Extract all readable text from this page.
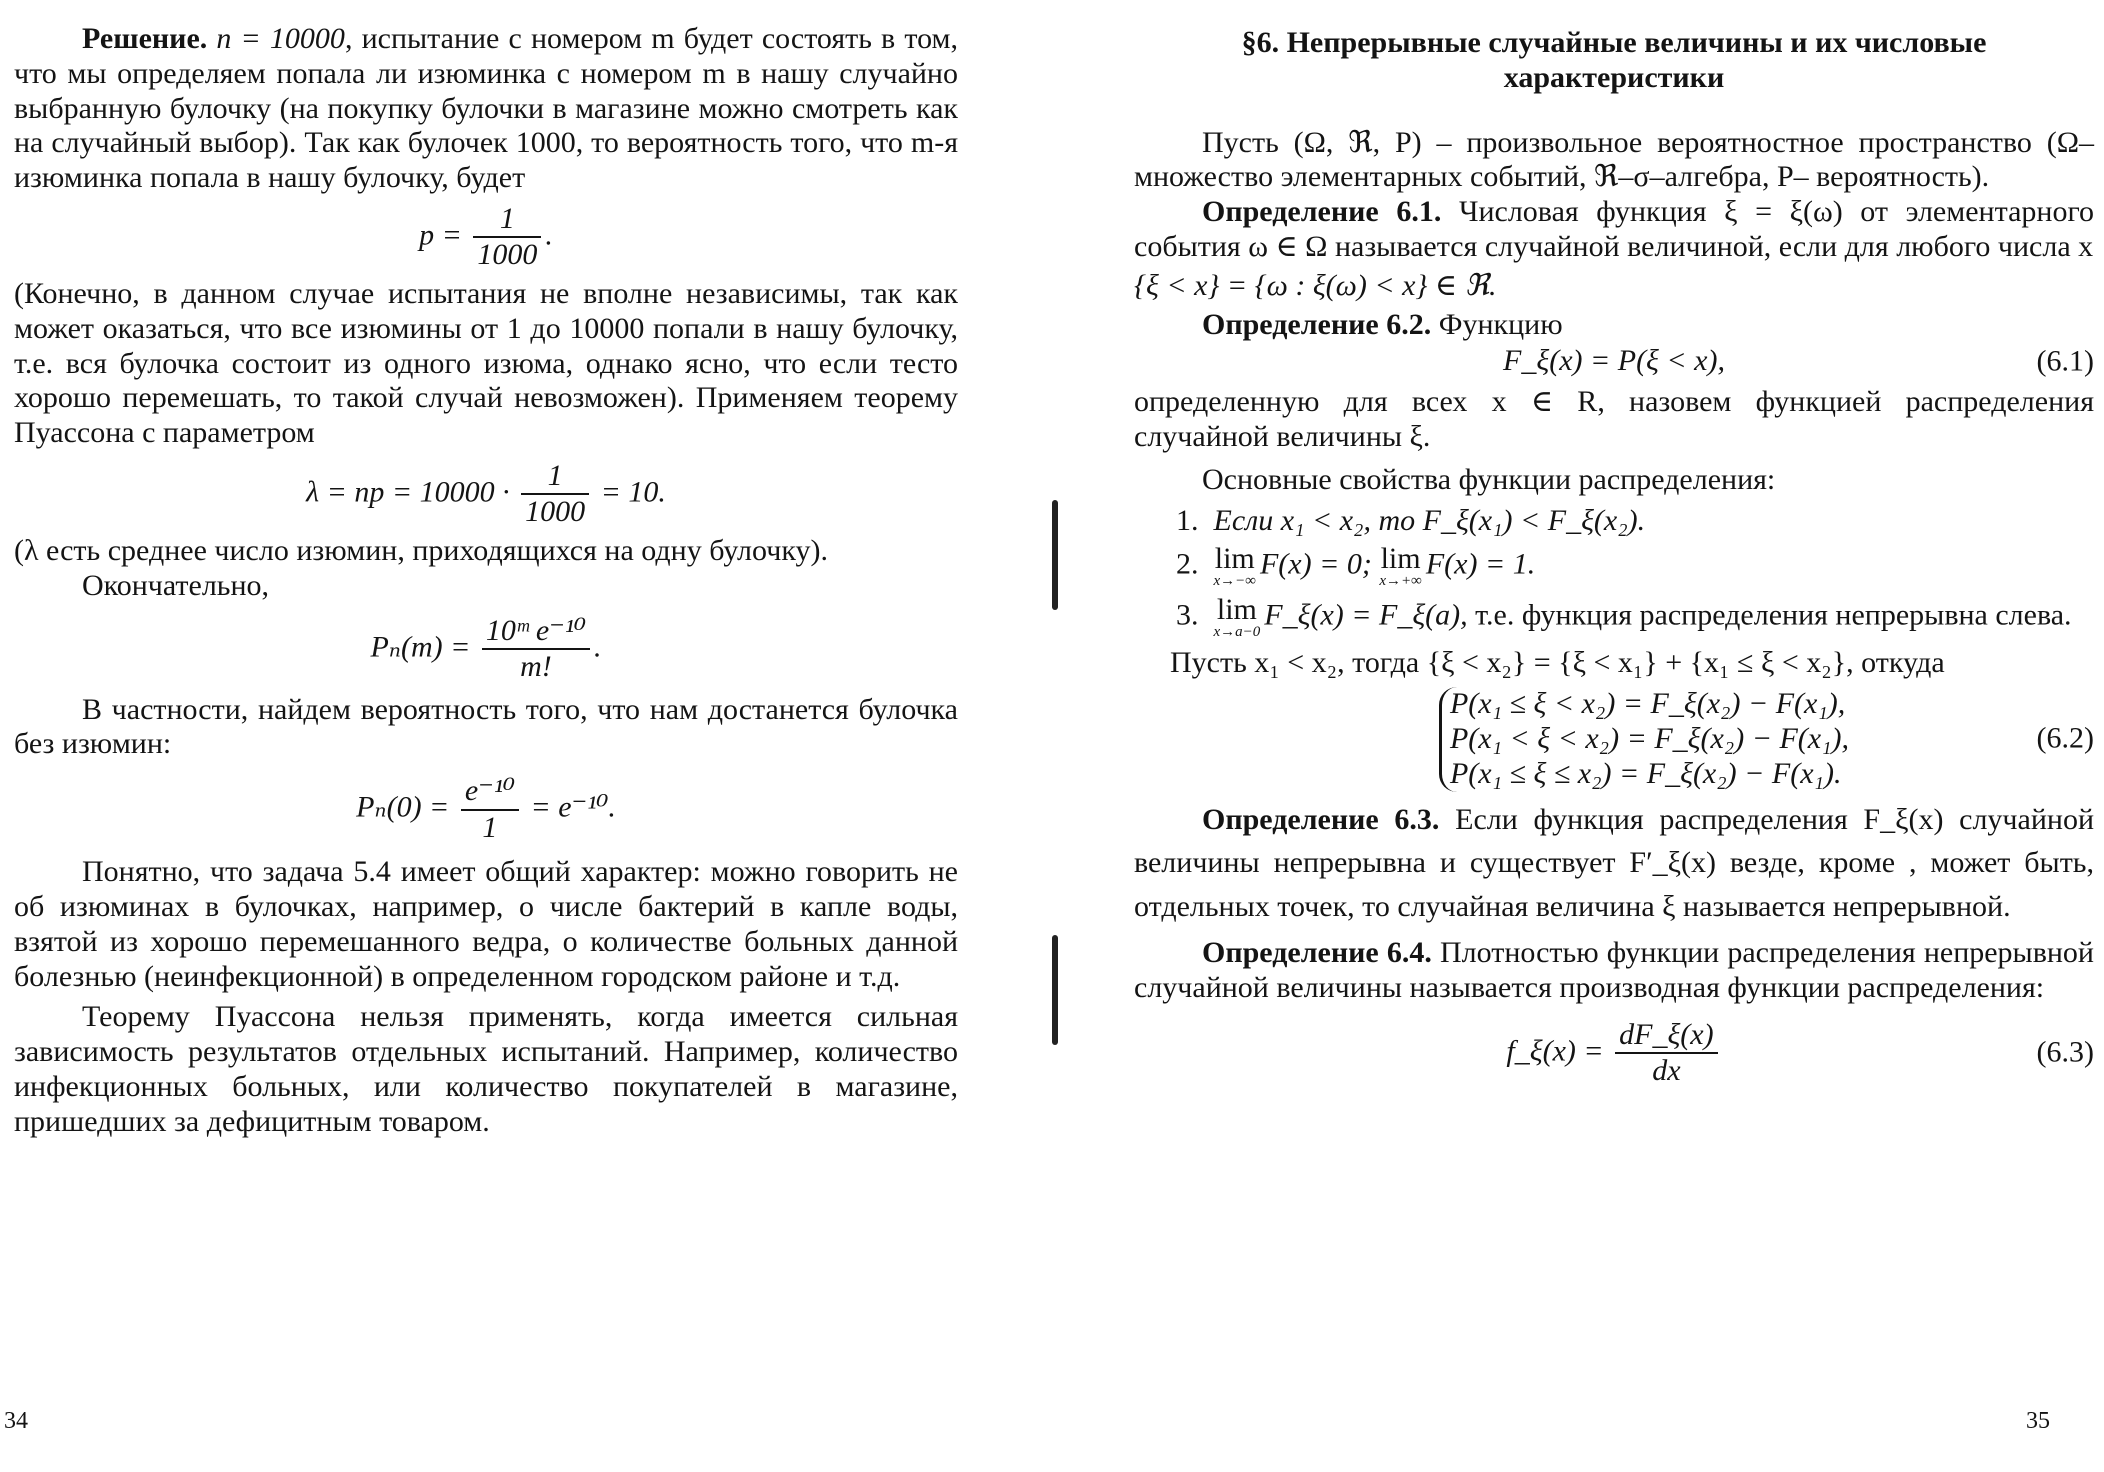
Решение. n = 10000, испытание с номером m будет состоять в том, что мы определяем попала ли изюминка с номером m в нашу случайно выбранную булочку (на покупку булочки в магазине можно смотреть как на случайный выбор). Так как булочек 1000, то вероятность того, что m-я изюминка попала в нашу булочку, будет

$p = \frac{1}{1000}$ .

(Конечно, в данном случае испытания не вполне независимы, так как может оказаться, что все изюмины от 1 до 10000 попали в нашу булочку, т.е. вся булочка состоит из одного изюма, однако ясно, что если тесто хорошо перемешать, то такой случай невозможен). Применяем теорему Пуассона с параметром

λ = np = $10000 \cdot \frac{1}{1000} = 10$.

(λ есть среднее число изюмин, приходящихся на одну булочку).

Окончательно,

$P_n(m) = \frac{\text{10ᵐ e⁻¹⁰}}{m!}$ .

В частности, найдем вероятность того, что нам достанется булочка без изюмин:

$P_n(0) = \frac{\text{e⁻¹⁰}}{1} = e^{-10}$.

Понятно, что задача 5.4 имеет общий характер: можно говорить не об изюминах в булочках, например, о числе бактерий в капле воды, взятой из хорошо перемешанного ведра, о количестве больных данной болезнью (неинфекционной) в определенном городском районе и т.д.

Теорему Пуассона нельзя применять, когда имеется сильная зависимость результатов отдельных испытаний. Например, количество инфекционных больных, или количество покупателей в магазине, пришедших за дефицитным товаром.

34
§6. Непрерывные случайные величины и их числовые характеристики

Пусть (Ω, ℜ, P) – произвольное вероятностное пространство (Ω– множество элементарных событий, ℜ–σ–алгебра, P– вероятность).

Определение 6.1. Числовая функция ξ = ξ(ω) от элементарного события ω ∈ Ω называется случайной величиной, если для любого числа x

{ξ < x} = {ω : ξ(ω) < x} ∈ ℜ.

Определение 6.2. Функцию

F_ξ(x) = P(ξ < x),	(6.1)

определенную для всех x ∈ R, назовем функцией распределения случайной величины ξ.

Основные свойства функции распределения:

1. Если x₁ < x₂, то F_ξ(x₁) < F_ξ(x₂).
2. lim
x→−∞
F(x) = 0; lim
x→+∞
F(x) = 1.
3. lim
x→a−0
F_ξ(x) = F_ξ(a), т.е. функция распределения непрерывна слева.

Пусть x₁ < x₂, тогда {ξ < x₂} = {ξ < x₁} + {x₁ ≤ ξ < x₂}, откуда

P(x₁ ≤ ξ < x₂) = F_ξ(x₂) − F(x₁),
P(x₁ < ξ < x₂) = F_ξ(x₂) − F(x₁),
P(x₁ ≤ ξ ≤ x₂) = F_ξ(x₂) − F(x₁).
(6.2)

Определение 6.3. Если функция распределения F_ξ(x) случайной величины непрерывна и существует F′_ξ(x) везде, кроме , может быть, отдельных точек, то случайная величина ξ называется непрерывной.

Определение 6.4. Плотностью функции распределения непрерывной случайной величины называется производная функции распределения:

f_ξ(x) = $\frac{dF\_\xi(x)}{dx}$	(6.3)
35
